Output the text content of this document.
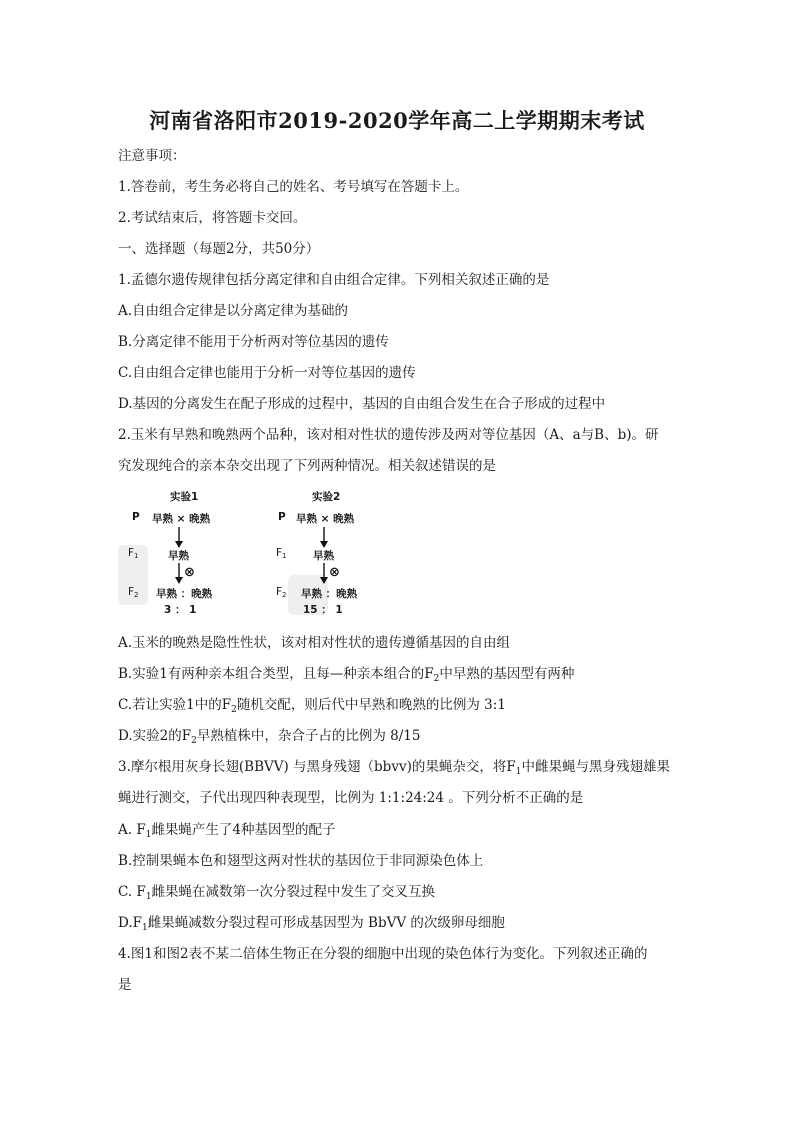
河南省洛阳市2019-2020学年高二上学期期末考试
注意事项：
1.答卷前，考生务必将自己的姓名、考号填写在答题卡上。
2.考试结束后，将答题卡交回。
一、选择题（每题2分，共50分）
1.孟德尔遗传规律包括分离定律和自由组合定律。下列相关叙述正确的是
A.自由组合定律是以分离定律为基础的
B.分离定律不能用于分析两对等位基因的遗传
C.自由组合定律也能用于分析一对等位基因的遗传
D.基因的分离发生在配子形成的过程中，基因的自由组合发生在合子形成的过程中
2.玉米有早熟和晚熟两个品种，该对相对性状的遗传涉及两对等位基因（A、a与B、b)。研
究发现纯合的亲本杂交出现了下列两种情况。相关叙述错误的是
实验1
P 早熟 × 晚熟
$F_1$	早熟
⊗
$F_2$ 早熟 ：晚熟
3 ： 1
实验2
P 早熟 × 晚熟
$F_1$	早熟
⊗
$F_2$ 早熟 ：晚熟
15 ： 1
A.玉米的晚熟是隐性性状，该对相对性状的遗传遵循基因的自由组
B.实验1有两种亲本组合类型，且每—种亲本组合的$F_2$中早熟的基因型有两种
C.若让实验1中的$F_2$随机交配，则后代中早熟和晚熟的比例为 3:1
D.实验2的$F_2$早熟植株中，杂合子占的比例为 8/15
3.摩尔根用灰身长翅(BBVV) 与黑身残翅（bbvv)的果蝇杂交，将$F_1$中雌果蝇与黑身残翅雄果
蝇进行测交，子代出现四种表现型，比例为 1:1:24:24 。下列分析不正确的是
A. $F_1$雌果蝇产生了4种基因型的配子
B.控制果蝇本色和翅型这两对性状的基因位于非同源染色体上
C. $F_1$雌果蝇在减数第一次分裂过程中发生了交叉互换
$D.F_1$雌果蝇减数分裂过程可形成基因型为 BbVV 的次级卵母细胞
4.图1和图2表不某二倍体生物正在分裂的细胞中出现的染色体行为变化。下列叙述正确的
是
